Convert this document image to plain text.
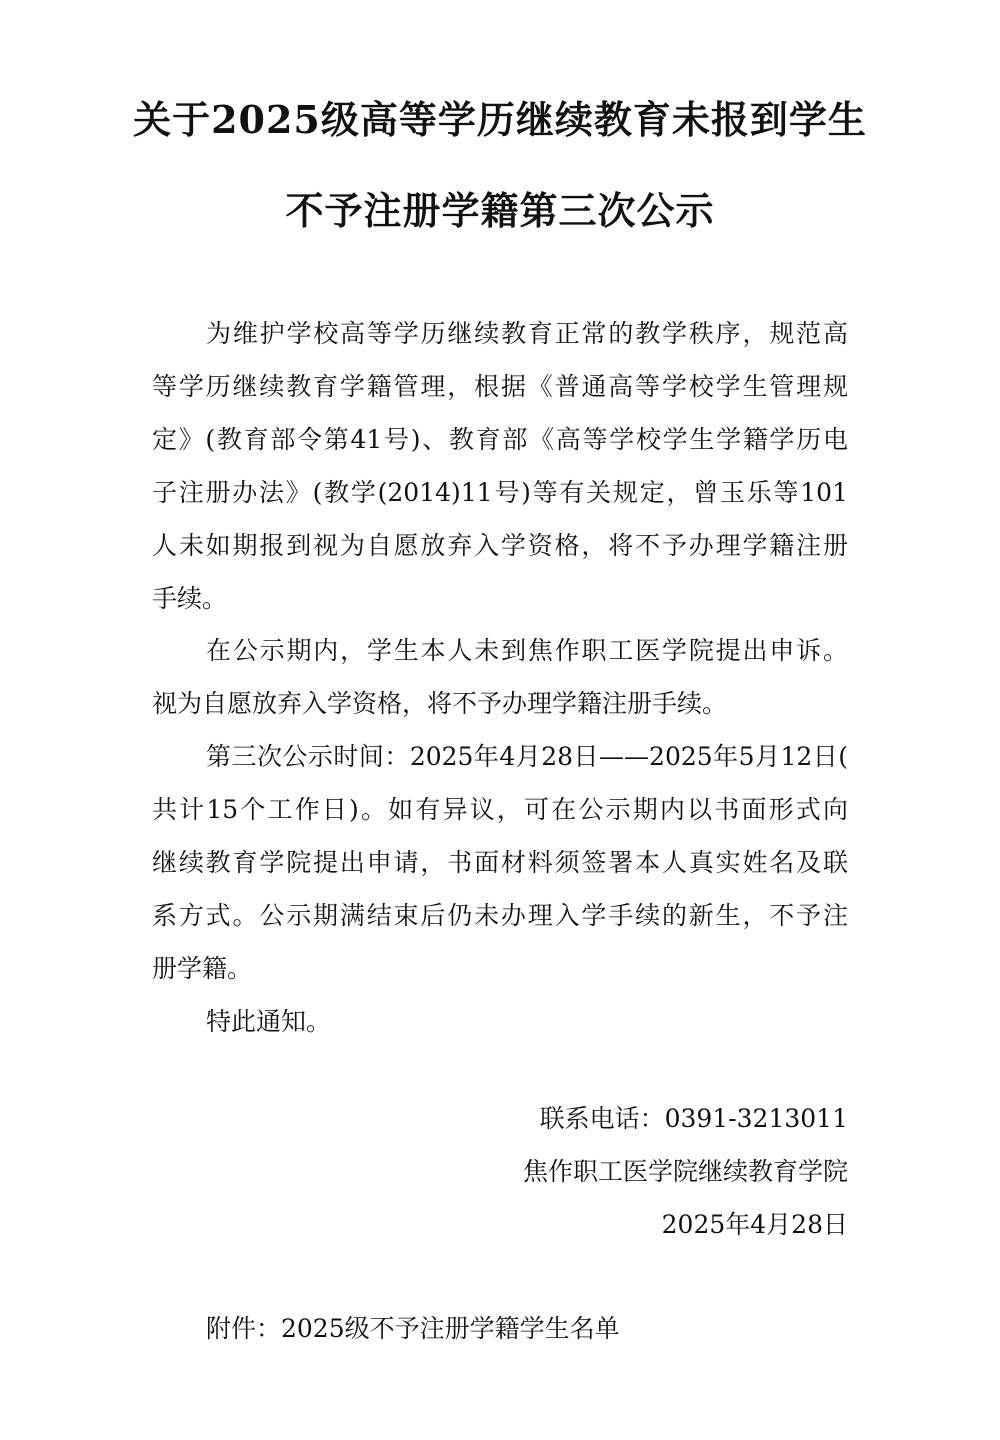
关于2025级高等学历继续教育未报到学生
不予注册学籍第三次公示
为维护学校高等学历继续教育正常的教学秩序，规范高
等学历继续教育学籍管理，根据《普通高等学校学生管理规
定》(教育部令第41号)、教育部《高等学校学生学籍学历电
子注册办法》(教学(2014)11号)等有关规定，曾玉乐等101
人未如期报到视为自愿放弃入学资格，将不予办理学籍注册
手续。
在公示期内，学生本人未到焦作职工医学院提出申诉。
视为自愿放弃入学资格，将不予办理学籍注册手续。
第三次公示时间：2025年4月28日——2025年5月12日(
共计15个工作日)。如有异议，可在公示期内以书面形式向
继续教育学院提出申请，书面材料须签署本人真实姓名及联
系方式。公示期满结束后仍未办理入学手续的新生，不予注
册学籍。
特此通知。
联系电话：0391-3213011
焦作职工医学院继续教育学院
2025年4月28日
附件：2025级不予注册学籍学生名单
